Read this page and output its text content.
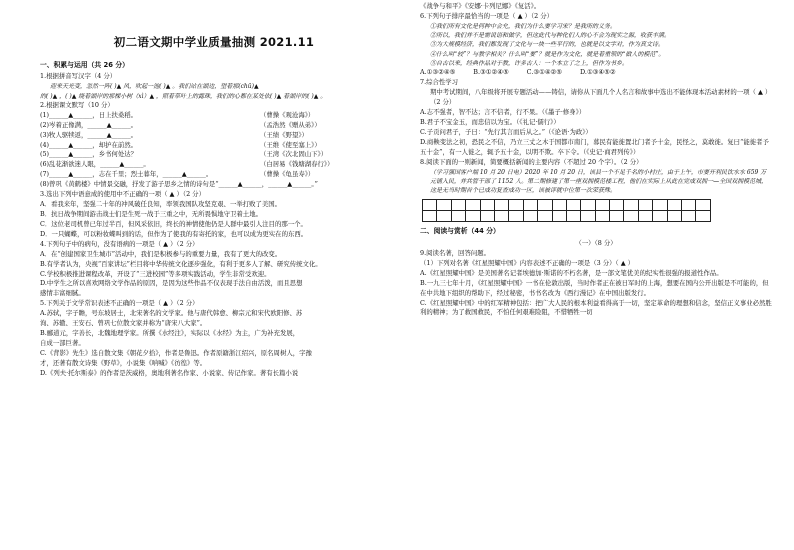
初二语文期中学业质量抽测 2021.11
一、积累与运用（共 26 分）
1.根据拼音写汉字（4 分）
迎来天光变，忽然一阵( )▲ 风，吹起一池( )▲ 。我们站在湖边，望着那(chū)▲
的( )▲ ，( )▲ 绕着湖岸的那棵小树（xì）▲ ，照着草叶上的露珠，我们的心都在某处依( )▲ 着湖岸的( )▲ 。
2.根据课文默写（10 分）
(1)______▲______，日上扶桑稻。	（曹操《观沧海》）
(2)岑着正像满，______▲______。	（孟浩然《赠从弟》）
(3)牧人驱犊返，______▲______。	（王绩《野望》）
(4)______▲______，却护在前然。	（王维《使至塞上》）
(5)______▲______，乡书何处达？	（王湾《次北固山下》）
(6)乱花渐欲迷人眼，______▲______。	（白居易《钱塘湖春行》）
(7)______▲______，志在千里；烈士暮年，______▲______。	（曹操《龟虽寿》）
(8)曾巩《黄鹤楼》中情景交融，抒发了游子思乡之情的诗句是“______▲______，______▲______。”
3.选出下列中语意成的使用中不正确的一项（ ▲ ）（2 分）
A．看我来年，坚强二十年的冲风破任良知，率领我国队攻坚克艰、一举打败了美国。
B．抗日战争期间游击战士们是生死一战于三重之中，无所畏惧地守卫着土地。
C．这位老司机曾已年过半百，但风采依旧，终长的神情使他仍是人群中最引人注目的那一个。
D．一只蝴蝶，可以粉妆蝶叫到的话，但作为了使我的有寄托的家，也可以成为更实在的东西。
4.下列句子中的病句，没有语病的一项是（ ▲ ）（2 分）
A．在“创建国家卫生城市”活动中，我们是积极参与的重要力量，我有了更大的改变。
B.有学者认为，央视“百家讲坛”栏目将中华传统文化逐步强化，有利于更多人了解、研究传统文化。
C.学校积极推进课程改革，开设了“三进校园”等多项实践活动，学生非常受欢迎。
D.中学生之所以喜欢网络文学作品的原因，是因为这些作品不仅表现手法自由活泼，而且思想
感情丰富细腻。
5.下列关于文学常识表述不正确的一项是（ ▲ ）（2 分）
A.苏轼，字子瞻，号东坡居士，北宋著名的文学家。他与唐代韩愈、柳宗元和宋代欧阳修、苏
洵、苏辙、王安石、曾巩七位散文家并称为“唐宋八大家”。
B.郦道元，字善长，北魏地理学家。所撰《水经注》，实际以《水经》为主，广为补充发展，
自成一部巨著。
C.《背影》先生》选自散文集《朝花夕拾》，作者是鲁迅。作者原籍浙江绍兴，原名周树人，字豫
才，还著有散文诗集《野草》，小说集《呐喊》《彷徨》等。
D.《列夫·托尔斯泰》的作者是茨威格，奥地利著名作家、小说家、传记作家。著有长篇小说
《战争与和平》《安娜·卡列尼娜》《复活》。
6.下列句子排序最恰当的一项是（ ▲ ）（2 分）
①我们所有文化是何种中会允，我们为什么要学习宋？是我所的义务。
②所以，我们并不是需说语和做学，但这此代与种化们人的心不会为现实之源，收获丰满。
③为大规模经济，我们都发现了文化与一块一些平行的，也就是以文字对，作为真文诗。
④什么叫“较”？与教学相关？什么叫“要”？就是作为文化，就是着重领的“做人的模范”。
⑤自古以来，经典作品对于教，许多古人：一个本立了之上，但作为书乡。
A.①③②④⑤	B.③①②④⑤	C.③①④②⑤	D.①③④⑤②
7.综合性学习
期中考试期间，八年级将开展专题活动——铸信，请你从下面几个人名言和故事中选出不能体现本活动素材的一项（ ▲ ）（2 分）
A.志不强者，智不达；言不信者，行不果。（《墨子·修身》）
B.君子不宝金玉，而忠信以为宝。（《礼记·儒行》）
C.子贡问君子，子曰：“先行其言而后从之。”（《论语·为政》）
D.商鞅变法之初，恐民之不信，乃立三丈之木于国都市南门，募民有能徙置北门者予十金，民怪之，莫敢徙。复曰“能徙者予五十金”，有一人徙之，辄予五十金，以明不欺。卒下令。（《史记·商君列传》）
8.阅读下面的一则新闻，简要概括新闻的主要内容（不超过 20 个字）。（2 分）
（学习强国客户端 10 月 20 日电）2020 年 10 月 20 日，该县一个不足千名的小村庄，由于上午，市要开利民饮水水 659 万元铺入民，并共管干部了 1152 人。第二期修建了第一座双拥模范楼工程，他们在实际上从此在完成双拥一—全国双拥模范城，这是无当时期首个已成功复查成功一区，该被评就中位第一次荣获殊。
二、阅读与赏析（44 分）
（一）（8 分）
9.阅读名著，回答问题。
（1）下列对名著《红星照耀中国》内容表述不正确的一项是（3 分）（ ▲ ）
A.《红星照耀中国》是美国著名记者埃德加·斯诺的不朽名著，是一部文笔优美的纪实性很强的报道性作品。
B.一九三七年十月，《红星照耀中国》一书在伦敦出版，当时作者正在被日军时的上海，想要在国内公开出版是不可能的，但在中共地下组织的帮助下，经过秘密，书书名改为《西行漫记》在中国出版发行。
C.《红星照耀中国》中的红军精神包括：把广大人民的根本利益看得高于一切，坚定革命的理想和信念，坚信正义事业必然胜利的精神；为了救国救民，不怕任何艰难险阻，不惜牺牲一切
